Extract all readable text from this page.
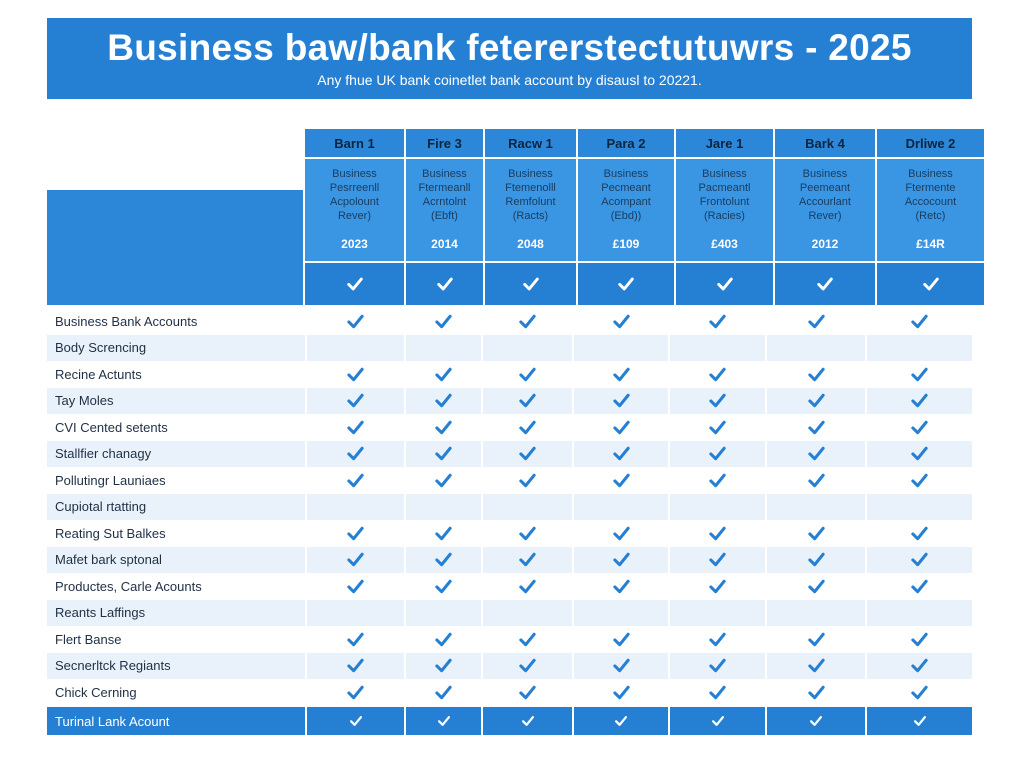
Business baw/bank fetererstectutuwrs - 2025
Any fhue UK bank coinetlet bank account by disausl to 20221.
Barn 1
Business
Pesrreenll
Acpolount
Rever)
2023
Fire 3
Business
Ftermeanll
Acrntolnt
(Ebft)
2014
Racw 1
Business
Ftemenolll
Remfolunt
(Racts)
2048
Para 2
Business
Pecmeant
Acompant
(Ebd))
£109
Jare 1
Business
Pacmeantl
Frontolunt
(Racies)
£403
Bark 4
Business
Peemeant
Accourlant
Rever)
2012
Drliwe 2
Business
Ftermente
Accocount
(Retc)
£14R
Business Bank Accounts
Body Screncing
Recine Actunts
Tay Moles
CVI Cented setents
Stallfier chanagy
Pollutingr Launiaes
Cupiotal rtatting
Reating Sut Balkes
Mafet bark sptonal
Productes, Carle Acounts
Reants Laffings
Flert Banse
Secnerltck Regiants
Chick Cerning
Turinal Lank Acount
